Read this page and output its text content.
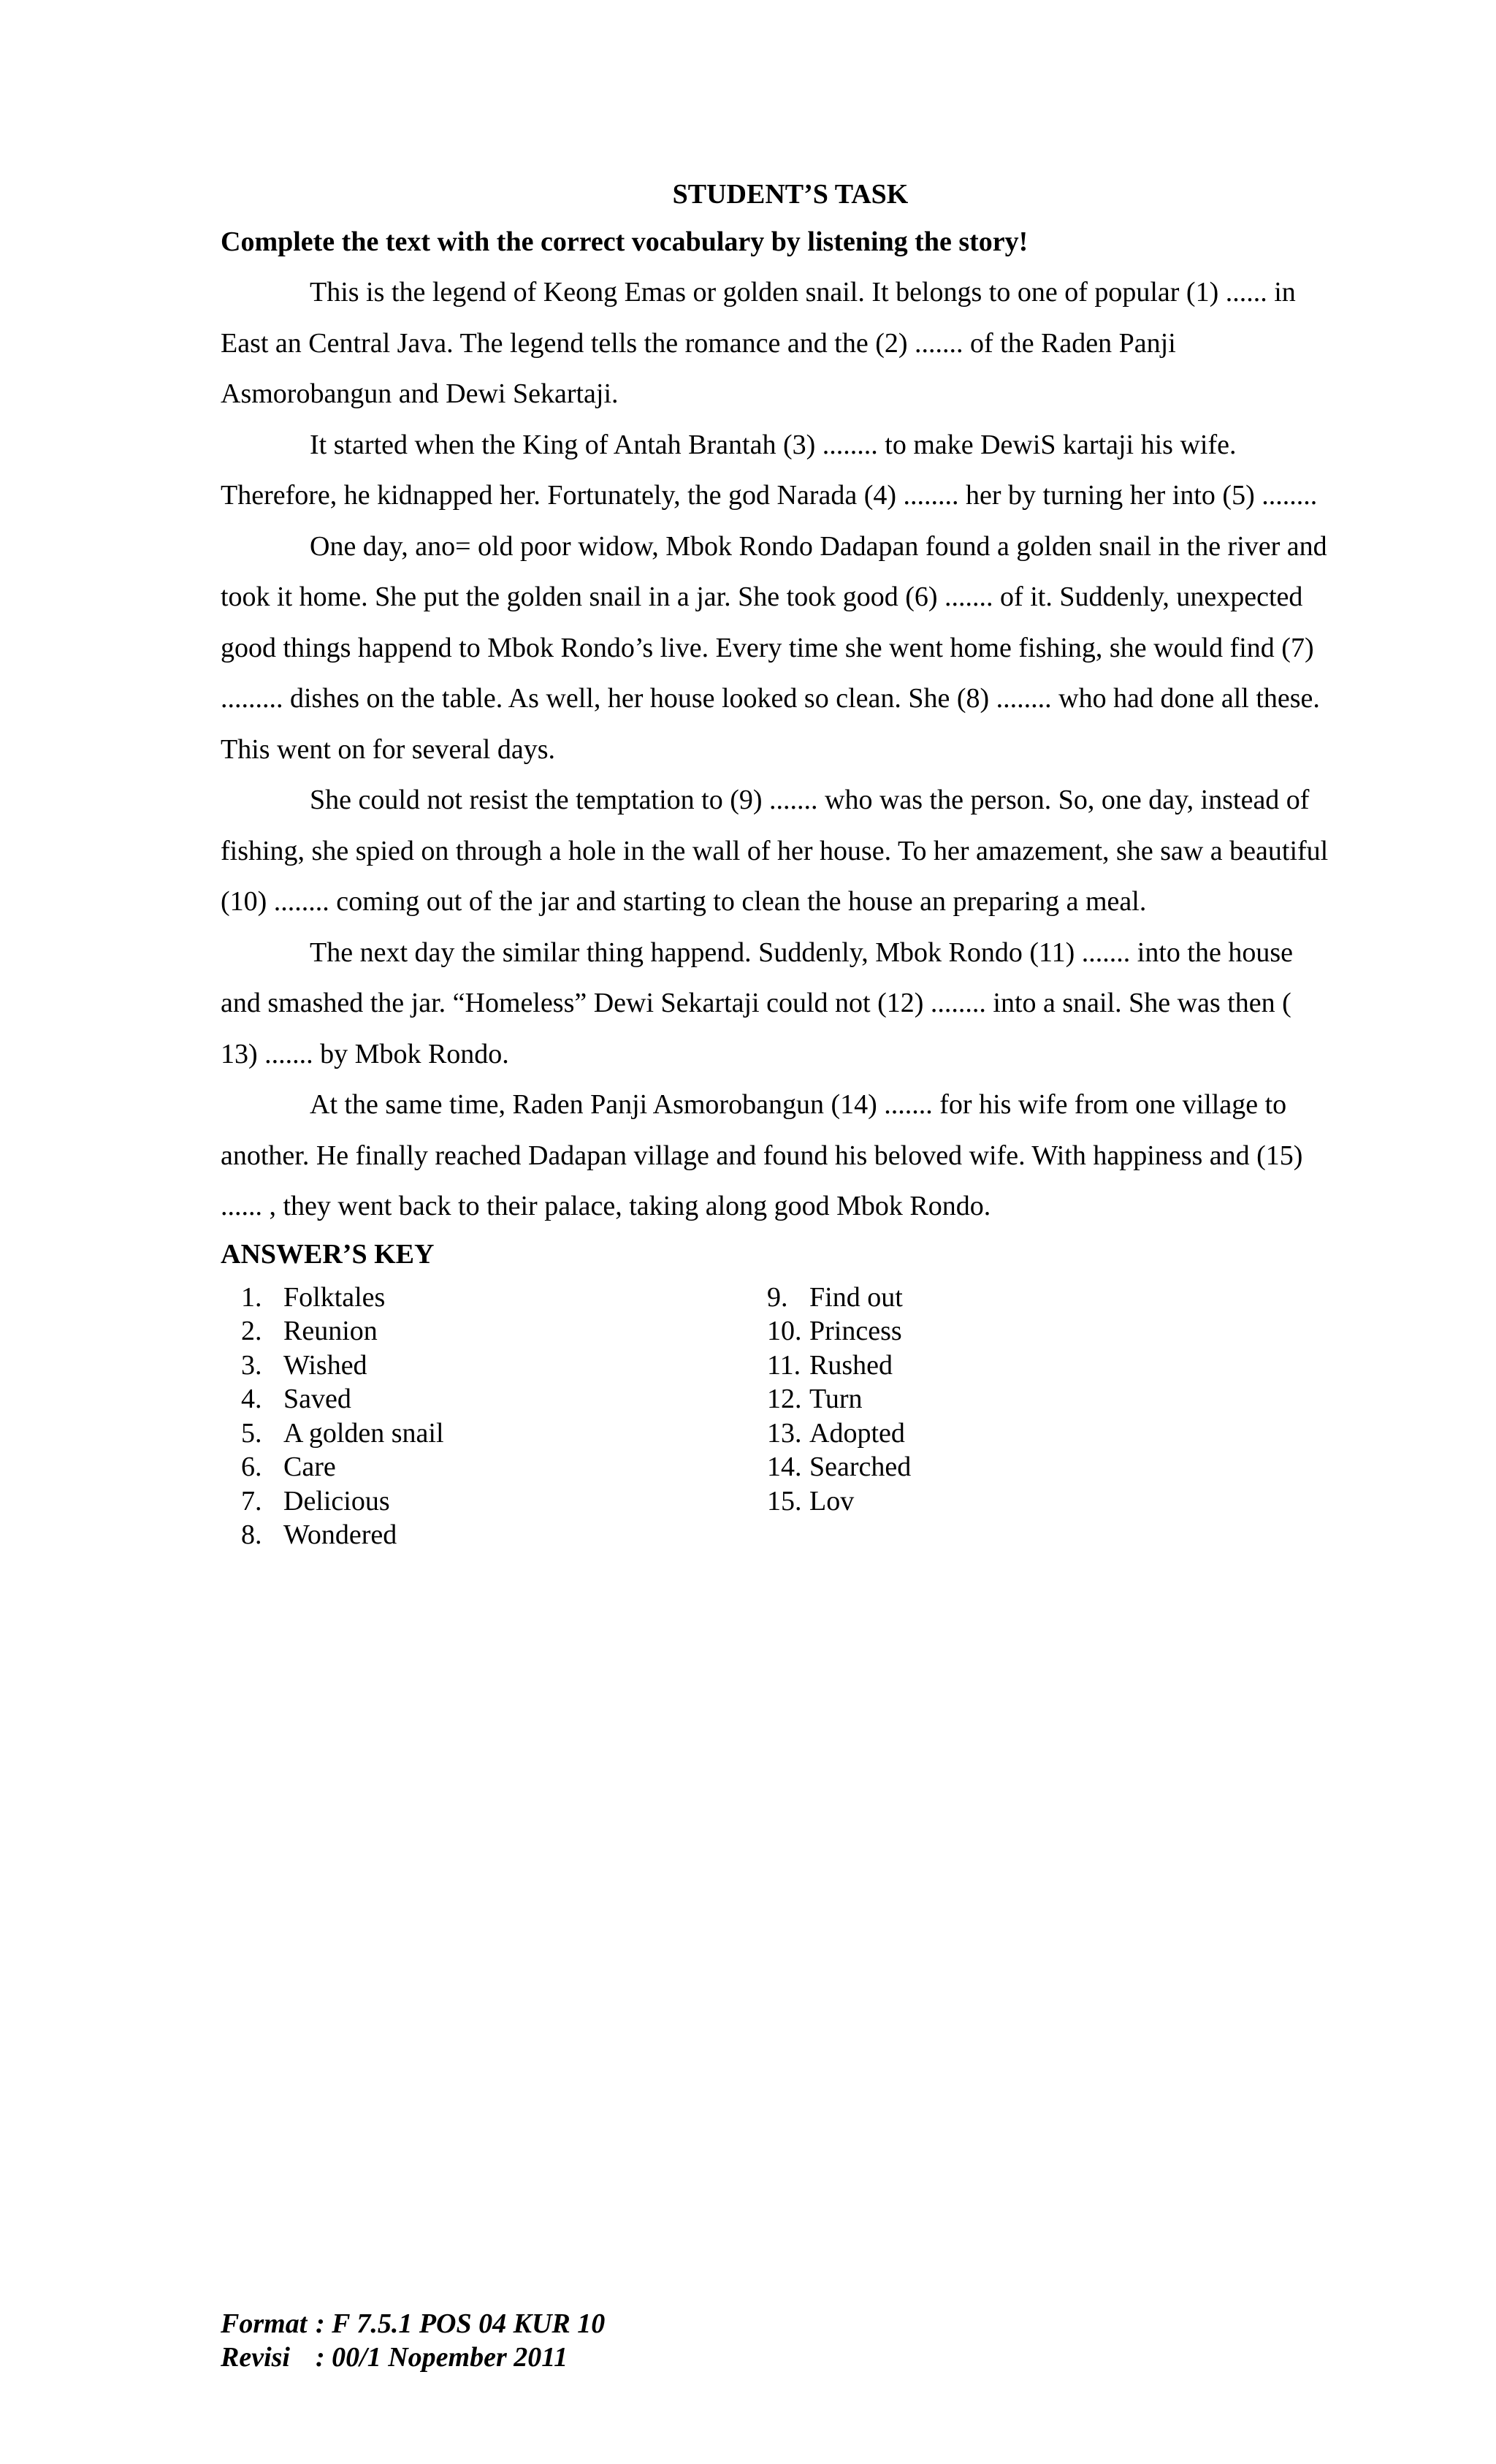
STUDENT’S TASK

Complete the text with the correct vocabulary by listening the story!

This is the legend of Keong Emas or golden snail. It belongs to one of popular (1) ...... in East an Central Java. The legend tells the romance and the (2) ....... of the Raden Panji Asmorobangun and Dewi Sekartaji.

It started when the King of Antah Brantah (3) ........ to make DewiS kartaji his wife. Therefore, he kidnapped her. Fortunately, the god Narada (4) ........ her by turning her into (5) ........

One day, ano= old poor widow, Mbok Rondo Dadapan found a golden snail in the river and took it home. She put the golden snail in a jar. She took good (6) ....... of it. Suddenly, unexpected good things happend to Mbok Rondo’s live. Every time she went home fishing, she would find (7) ......... dishes on the table. As well, her house looked so clean. She (8) ........ who had done all these. This went on for several days.

She could not resist the temptation to (9) ....... who was the person. So, one day, instead of fishing, she spied on through a hole in the wall of her house. To her amazement, she saw a beautiful (10) ........ coming out of the jar and starting to clean the house an preparing a meal.

The next day the similar thing happend. Suddenly, Mbok Rondo (11) ....... into the house and smashed the jar. “Homeless” Dewi Sekartaji could not (12) ........ into a snail. She was then ( 13) ....... by Mbok Rondo.

At the same time, Raden Panji Asmorobangun (14) ....... for his wife from one village to another. He finally reached Dadapan village and found his beloved wife. With happiness and (15) ...... , they went back to their palace, taking along good Mbok Rondo.

ANSWER’S KEY
1. Folktales
2. Reunion
3. Wished
4. Saved
5. A golden snail
6. Care
7. Delicious
8. Wondered
9. Find out
10. Princess
11. Rushed
12. Turn
13. Adopted
14. Searched
15. Lov
Format : F 7.5.1 POS 04 KUR 10
Revisi : 00/1 Nopember 2011
